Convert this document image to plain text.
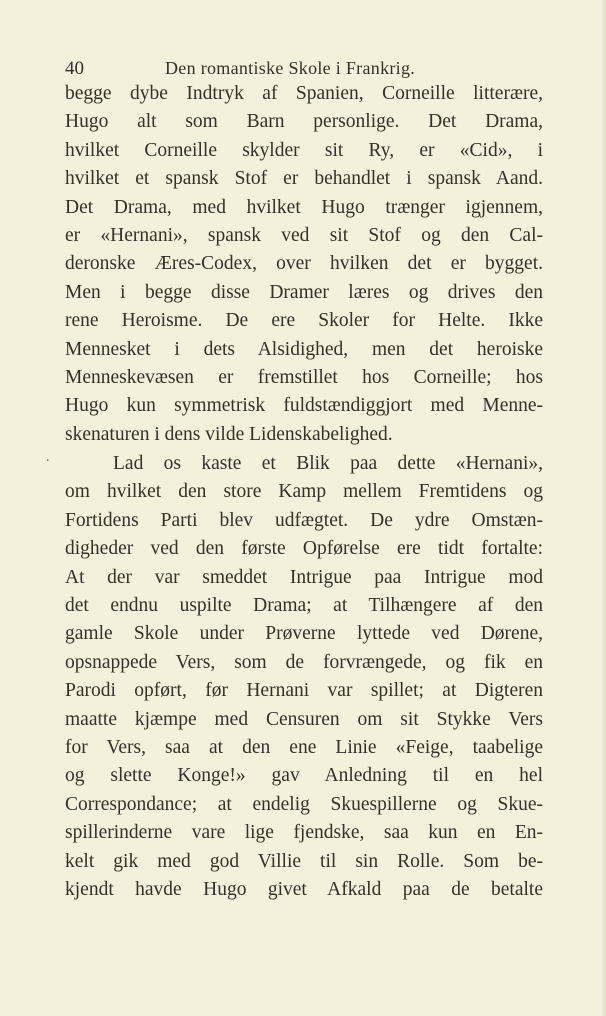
40	Den romantiske Skole i Frankrig.
.
begge dybe Indtryk af Spanien, Corneille litterære,
Hugo alt som Barn personlige. Det Drama,
hvilket Corneille skylder sit Ry, er «Cid», i
hvilket et spansk Stof er behandlet i spansk Aand.
Det Drama, med hvilket Hugo trænger igjennem,
er «Hernani», spansk ved sit Stof og den Cal-
deronske Æres-Codex, over hvilken det er bygget.
Men i begge disse Dramer læres og drives den
rene Heroisme. De ere Skoler for Helte. Ikke
Mennesket i dets Alsidighed, men det heroiske
Menneskevæsen er fremstillet hos Corneille; hos
Hugo kun symmetrisk fuldstændiggjort med Menne-
skenaturen i dens vilde Lidenskabelighed.
Lad os kaste et Blik paa dette «Hernani»,
om hvilket den store Kamp mellem Fremtidens og
Fortidens Parti blev udfægtet. De ydre Omstæn-
digheder ved den første Opførelse ere tidt fortalte:
At der var smeddet Intrigue paa Intrigue mod
det endnu uspilte Drama; at Tilhængere af den
gamle Skole under Prøverne lyttede ved Dørene,
opsnappede Vers, som de forvrængede, og fik en
Parodi opført, før Hernani var spillet; at Digteren
maatte kjæmpe med Censuren om sit Stykke Vers
for Vers, saa at den ene Linie «Feige, taabelige
og slette Konge!» gav Anledning til en hel
Correspondance; at endelig Skuespillerne og Skue-
spillerinderne vare lige fjendske, saa kun en En-
kelt gik med god Villie til sin Rolle. Som be-
kjendt havde Hugo givet Afkald paa de betalte
